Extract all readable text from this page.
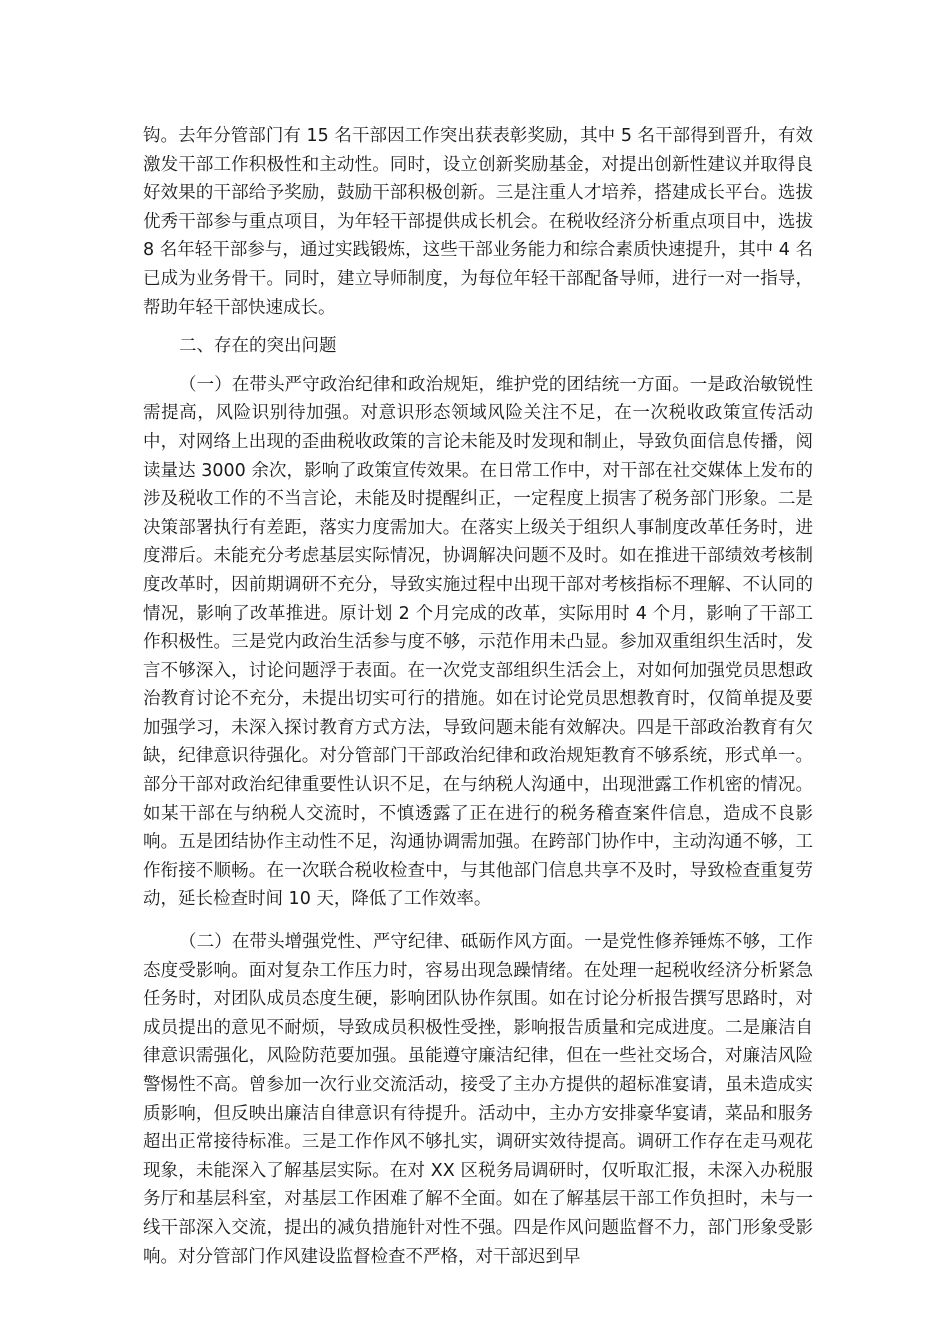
钩。去年分管部门有 15 名干部因工作突出获表彰奖励，其中 5 名干部得到晋升，有效激发干部工作积极性和主动性。同时，设立创新奖励基金，对提出创新性建议并取得良好效果的干部给予奖励，鼓励干部积极创新。三是注重人才培养，搭建成长平台。选拔优秀干部参与重点项目，为年轻干部提供成长机会。在税收经济分析重点项目中，选拔 8 名年轻干部参与，通过实践锻炼，这些干部业务能力和综合素质快速提升，其中 4 名已成为业务骨干。同时，建立导师制度，为每位年轻干部配备导师，进行一对一指导，帮助年轻干部快速成长。

二、存在的突出问题

（一）在带头严守政治纪律和政治规矩，维护党的团结统一方面。一是政治敏锐性需提高，风险识别待加强。对意识形态领域风险关注不足，在一次税收政策宣传活动中，对网络上出现的歪曲税收政策的言论未能及时发现和制止，导致负面信息传播，阅读量达 3000 余次，影响了政策宣传效果。在日常工作中，对干部在社交媒体上发布的涉及税收工作的不当言论，未能及时提醒纠正，一定程度上损害了税务部门形象。二是决策部署执行有差距，落实力度需加大。在落实上级关于组织人事制度改革任务时，进度滞后。未能充分考虑基层实际情况，协调解决问题不及时。如在推进干部绩效考核制度改革时，因前期调研不充分，导致实施过程中出现干部对考核指标不理解、不认同的情况，影响了改革推进。原计划 2 个月完成的改革，实际用时 4 个月，影响了干部工作积极性。三是党内政治生活参与度不够，示范作用未凸显。参加双重组织生活时，发言不够深入，讨论问题浮于表面。在一次党支部组织生活会上，对如何加强党员思想政治教育讨论不充分，未提出切实可行的措施。如在讨论党员思想教育时，仅简单提及要加强学习，未深入探讨教育方式方法，导致问题未能有效解决。四是干部政治教育有欠缺，纪律意识待强化。对分管部门干部政治纪律和政治规矩教育不够系统，形式单一。部分干部对政治纪律重要性认识不足，在与纳税人沟通中，出现泄露工作机密的情况。如某干部在与纳税人交流时，不慎透露了正在进行的税务稽查案件信息，造成不良影响。五是团结协作主动性不足，沟通协调需加强。在跨部门协作中，主动沟通不够，工作衔接不顺畅。在一次联合税收检查中，与其他部门信息共享不及时，导致检查重复劳动，延长检查时间 10 天，降低了工作效率。

（二）在带头增强党性、严守纪律、砥砺作风方面。一是党性修养锤炼不够，工作态度受影响。面对复杂工作压力时，容易出现急躁情绪。在处理一起税收经济分析紧急任务时，对团队成员态度生硬，影响团队协作氛围。如在讨论分析报告撰写思路时，对成员提出的意见不耐烦，导致成员积极性受挫，影响报告质量和完成进度。二是廉洁自律意识需强化，风险防范要加强。虽能遵守廉洁纪律，但在一些社交场合，对廉洁风险警惕性不高。曾参加一次行业交流活动，接受了主办方提供的超标准宴请，虽未造成实质影响，但反映出廉洁自律意识有待提升。活动中，主办方安排豪华宴请，菜品和服务超出正常接待标准。三是工作作风不够扎实，调研实效待提高。调研工作存在走马观花现象，未能深入了解基层实际。在对 XX 区税务局调研时，仅听取汇报，未深入办税服务厅和基层科室，对基层工作困难了解不全面。如在了解基层干部工作负担时，未与一线干部深入交流，提出的减负措施针对性不强。四是作风问题监督不力，部门形象受影响。对分管部门作风建设监督检查不严格，对干部迟到早
